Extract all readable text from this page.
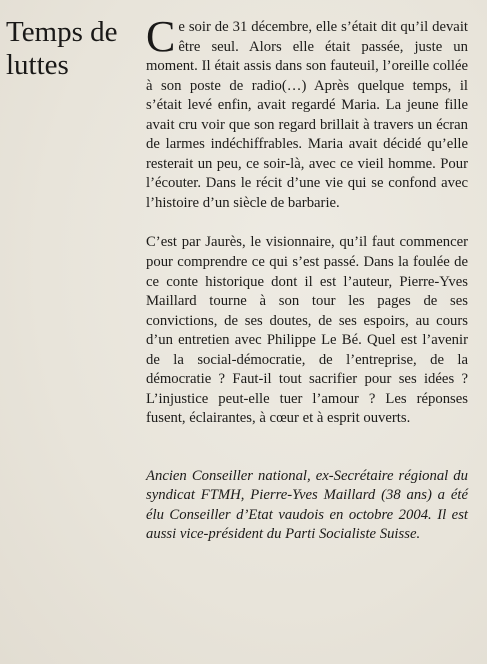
Temps de luttes

Ce soir de 31 décembre, elle s’était dit qu’il devait être seul. Alors elle était passée, juste un moment. Il était assis dans son fauteuil, l’oreille collée à son poste de radio(…) Après quelque temps, il s’était levé enfin, avait regardé Maria. La jeune fille avait cru voir que son regard brillait à travers un écran de larmes indéchiffrables. Maria avait décidé qu’elle resterait un peu, ce soir-là, avec ce vieil homme. Pour l’écouter. Dans le récit d’une vie qui se confond avec l’histoire d’un siècle de barbarie.

C’est par Jaurès, le visionnaire, qu’il faut commencer pour comprendre ce qui s’est passé. Dans la foulée de ce conte historique dont il est l’auteur, Pierre-Yves Maillard tourne à son tour les pages de ses convictions, de ses doutes, de ses espoirs, au cours d’un entretien avec Philippe Le Bé. Quel est l’avenir de la social-démocratie, de l’entreprise, de la démocratie ? Faut-il tout sacrifier pour ses idées ? L’injustice peut-elle tuer l’amour ? Les réponses fusent, éclairantes, à cœur et à esprit ouverts.

Ancien Conseiller national, ex-Secrétaire régional du syndicat FTMH, Pierre-Yves Maillard (38 ans) a été élu Conseiller d’Etat vaudois en octobre 2004. Il est aussi vice-président du Parti Socialiste Suisse.
